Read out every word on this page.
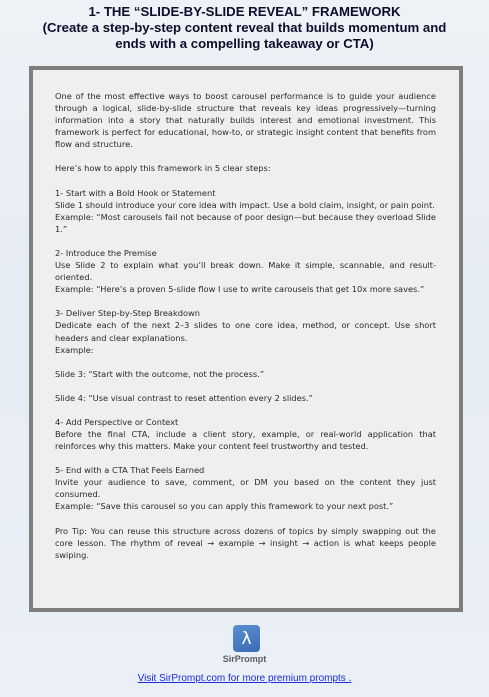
1- THE “SLIDE-BY-SLIDE REVEAL” FRAMEWORK
(Create a step-by-step content reveal that builds momentum and
ends with a compelling takeaway or CTA)

One of the most effective ways to boost carousel performance is to guide your audience through a logical, slide-by-slide structure that reveals key ideas progressively—turning information into a story that naturally builds interest and emotional investment. This framework is perfect for educational, how-to, or strategic insight content that benefits from flow and structure.

Here’s how to apply this framework in 5 clear steps:

1- Start with a Bold Hook or Statement

Slide 1 should introduce your core idea with impact. Use a bold claim, insight, or pain point.

Example: “Most carousels fail not because of poor design—but because they overload Slide 1.”

2- Introduce the Premise

Use Slide 2 to explain what you’ll break down. Make it simple, scannable, and result-oriented.

Example: “Here’s a proven 5-slide flow I use to write carousels that get 10x more saves.”

3- Deliver Step-by-Step Breakdown

Dedicate each of the next 2–3 slides to one core idea, method, or concept. Use short headers and clear explanations.

Example:

Slide 3: “Start with the outcome, not the process.”

Slide 4: “Use visual contrast to reset attention every 2 slides.”

4- Add Perspective or Context

Before the final CTA, include a client story, example, or real-world application that reinforces why this matters. Make your content feel trustworthy and tested.

5- End with a CTA That Feels Earned

Invite your audience to save, comment, or DM you based on the content they just consumed.

Example: “Save this carousel so you can apply this framework to your next post.”

Pro Tip: You can reuse this structure across dozens of topics by simply swapping out the core lesson. The rhythm of reveal → example → insight → action is what keeps people swiping.

λ
SirPrompt
Visit SirPrompt.com for more premium prompts .
